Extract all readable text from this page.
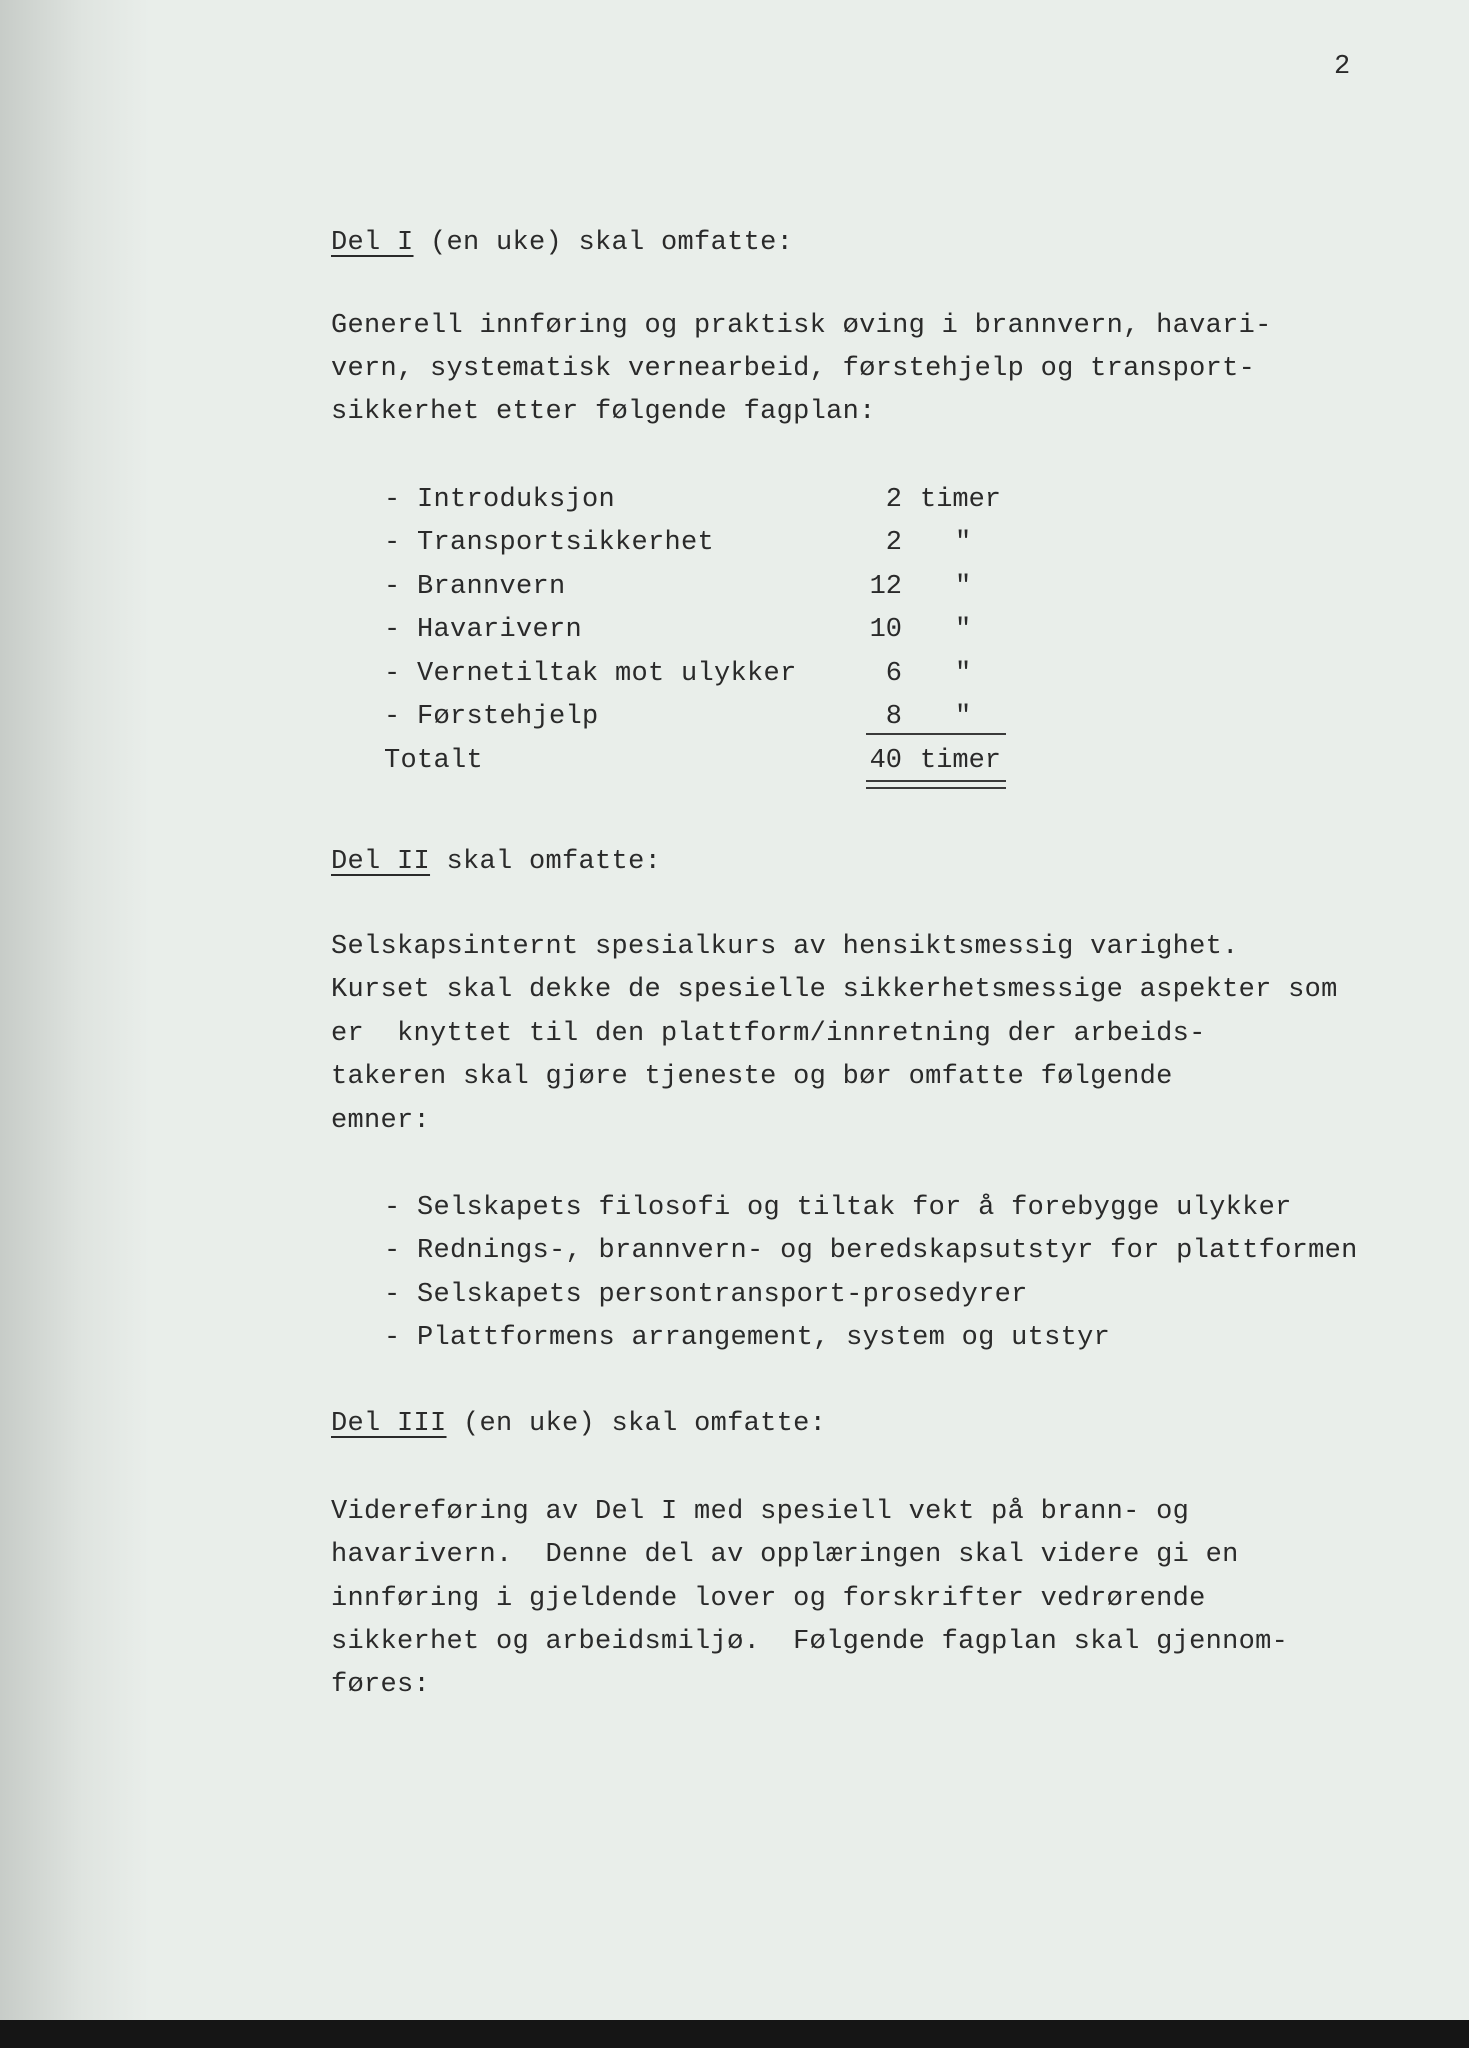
2
Del I (en uke) skal omfatte:
Generell innføring og praktisk øving i brannvern, havari-
vern, systematisk vernearbeid, førstehjelp og transport-
sikkerhet etter følgende fagplan:
- Introduksjon	2 timer
- Transportsikkerhet	2 "
- Brannvern	12 "
- Havarivern	10 "
- Vernetiltak mot ulykker	6 "
- Førstehjelp	8 "
Totalt	40 timer
Del II skal omfatte:
Selskapsinternt spesialkurs av hensiktsmessig varighet.
Kurset skal dekke de spesielle sikkerhetsmessige aspekter som
er  knyttet til den plattform/innretning der arbeids-
takeren skal gjøre tjeneste og bør omfatte følgende
emner:
- Selskapets filosofi og tiltak for å forebygge ulykker
- Rednings-, brannvern- og beredskapsutstyr for plattformen
- Selskapets persontransport-prosedyrer
- Plattformens arrangement, system og utstyr
Del III (en uke) skal omfatte:
Videreføring av Del I med spesiell vekt på brann- og
havarivern.  Denne del av opplæringen skal videre gi en
innføring i gjeldende lover og forskrifter vedrørende
sikkerhet og arbeidsmiljø.  Følgende fagplan skal gjennom-
føres:
